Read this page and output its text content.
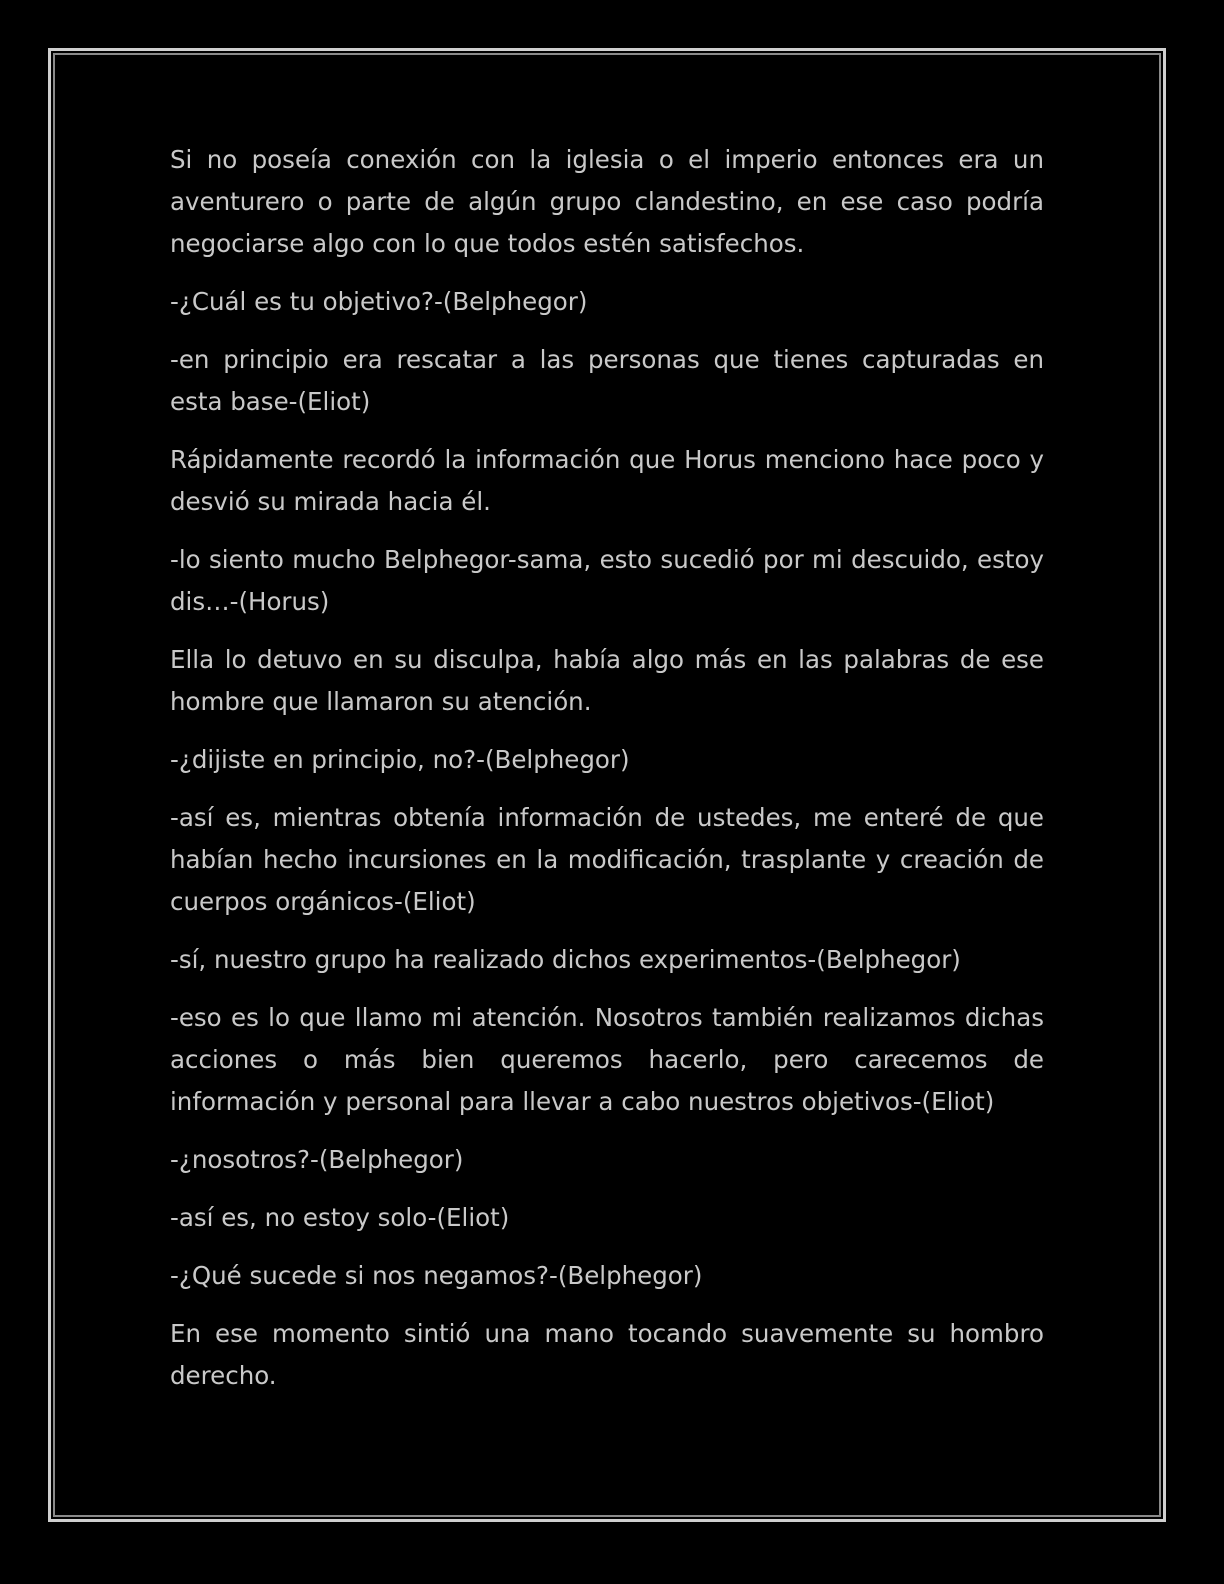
Si no poseía conexión con la iglesia o el imperio entonces era un aventurero o parte de algún grupo clandestino, en ese caso podría negociarse algo con lo que todos estén satisfechos.

-¿Cuál es tu objetivo?-(Belphegor)

-en principio era rescatar a las personas que tienes capturadas en esta base-(Eliot)

Rápidamente recordó la información que Horus menciono hace poco y desvió su mirada hacia él.

-lo siento mucho Belphegor-sama, esto sucedió por mi descuido, estoy dis…-(Horus)

Ella lo detuvo en su disculpa, había algo más en las palabras de ese hombre que llamaron su atención.

-¿dijiste en principio, no?-(Belphegor)

-así es, mientras obtenía información de ustedes, me enteré de que habían hecho incursiones en la modificación, trasplante y creación de cuerpos orgánicos-(Eliot)

-sí, nuestro grupo ha realizado dichos experimentos-(Belphegor)

-eso es lo que llamo mi atención. Nosotros también realizamos dichas acciones o más bien queremos hacerlo, pero carecemos de información y personal para llevar a cabo nuestros objetivos-(Eliot)

-¿nosotros?-(Belphegor)

-así es, no estoy solo-(Eliot)

-¿Qué sucede si nos negamos?-(Belphegor)

En ese momento sintió una mano tocando suavemente su hombro derecho.
